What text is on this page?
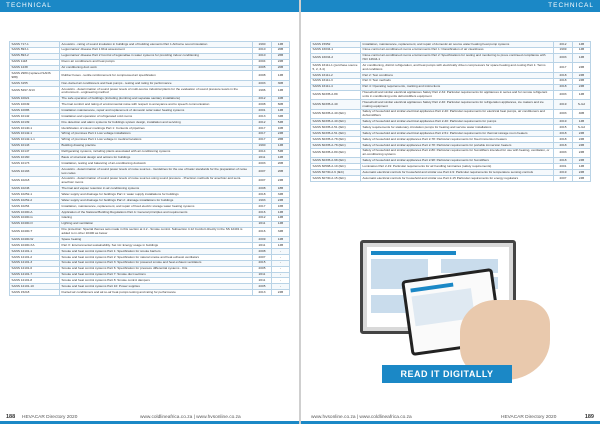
TECHNICAL
SANS 717-1	Acoustics - rating of sound insulation in buildings and of building elements Part 1 Airborne sound insulation	1990	14B
SANS 893-1	Legionnaires' disease Part 1 Risk assessment	2010	20B
SANS 893-2	Legionnaires' disease Part 2 Control of legionellae in water systems for providing indoor conditioning	2010	26B
SANS 1118	Room air conditioners and heat pumps	2004	22B
SANS 1238	Air conditioning duct work	2005	20B
SANS 2980 (replaced SANS 988)	Rubber hoses - textile reinforcement for compressed air specification	2008	14B
SANS 3155	Non-ducted air conditioners and heat pumps - testing and rating for performance	2003	30B
SANS 5297-3/13	Acoustics - determination of sound power levels of multi-source industrial plants for the evaluation of sound pressure levels in the environment - engineering method	1996	14B
SANS 10021	The safe operation of buildings (including plumbing and separate sanitary installations)	2012	10B
SANS 10049	Thermal comfort and rating of environmental noise with respect to annoyance and to speech communication	2008	60B
SANS 10086	Installation maintenance, repair and replacement of domestic solar water heating systems	2001	14B
SANS 10142	Installation and operation of refrigerated cold rooms	2013	34B
SANS 10139	Fire detection and alarm systems for buildings system design, installation and servicing	2012	54B
SANS 10140-1	Identification of colour markings Part 1: Contents of pipelines	2017	10B
SANS 10142-1	Wiring of premises Part 1 Low voltage installations	2017	24B
SANS 10142-1-1	Wiring of premises Part 1 Low voltage in medical locations	2017	26B
SANS 10143	Building drawing practice	1990	14B
SANS 10147	Refrigerating systems, including plants associated with air conditioning systems	2014	54B
SANS 10160	Basis of structural design and actions for buildings	2011	12B
SANS 10173	Installation, testing and balancing of air-conditioning ductwork	2003	20B
SANS 10193	Acoustics - determination of sound power levels of noise sources - Guidelines for the use of basic standards for the preparation of noise test codes	2007	20B
SANS 10218	Acoustics - determination of sound power levels of noise sources using sound pressure - Precision methods for anechoic and semi-anechoic rooms	2007	24B
SANS 10246	Thermal and vapour retention in air conditioning systems	2008	18B
SANS 10252-1	Water supply and drainage for buildings Part 1: water supply installations for buildings	2018	34B
SANS 10252-2	Water supply and drainage for buildings Part 2: drainage installations for buildings	1993	24B
SANS 10254	Installation, maintenance, replacement, and repair of fixed electric storage water heating systems	2017	16B
SANS 10400-A	Application of the National Building Regulations Part A: General principles and requirements	2016	14B
SANS 10400-G	Glazing	2012	14B
SANS 10400-O	Lighting and ventilation	2011	14B
SANS 10400-T	Fire protection: Special themes sets made in this section at 4.2 - Smoke control. Subsection 4.12 Comfort directly in the SS 12401 is added to in other 10400 as below	2016	34B
SANS 10400-W	Space heating	2009	12B
SANS 10400-XA	Part X: Environmental sustainability. Set 1A: Energy usage in buildings	2011	14B
SANS 12101-1	Smoke and heat control systems Part 1: Specification for smoke barriers	2008	-
SANS 12101-2	Smoke and heat control systems Part 2: Specification for natural smoke and heat exhaust ventilators	2007	-
SANS 12101-3	Smoke and heat control systems Part 3: Specification for powered smoke and heat exhaust ventilators	2015	-
SANS 12101-6	Smoke and heat control systems Part 6: Specification for pressure differential systems - Kits	2005	-
SANS 12101-7	Smoke and heat control systems Part 7: Smoke duct sections	2011	-
SANS 12101-8	Smoke and heat control systems Part 8: Smoke control dampers	2011	-
SANS 12101-10	Smoke and heat control systems Part 10: Power supplies	2005	-
SANS 15218	Ducted air conditioners and air-to-air heat pumps testing and rating for performance	2013	24B
188 HEVACAR Directory 2020	www.coldlineafrica.co.za | www.hvsonline.co.za
TECHNICAL
SANS 15952	Installation, maintenance, replacement, and repair of domestic air source water heating heat pump systems	2012	14B
SANS 16034-1	Close control air-conditioned rooms environments Part 1: Classification of air cleanliness	1999	14B
SANS 16034-2	Close control air-conditioned rooms environments Part 2: Specifications for testing and monitoring to prove continued compliance with ISO 14644-1	2003	14B
SANS 16111-1 (purchase source 5, 2, 3-4)	Air conditioning, district refrigeration, and heat pumps with electrically driven compressors for space heating and cooling Part 1: Terms and conditions	2017	24B
SANS 16111-2	Part 2: Test conditions	2018	24B
SANS 16111-3	Part 3: Test methods	2018	24B
SANS 16111-4	Part 4: Operating requirements, marking and instructions	2018	24B
SANS 60335-2-89	Household and similar electrical appliances Safety Part 2-34: Particular requirements for appliances in series and for remote refrigerant units in conditioning units dehumidifiers equipment	2003	14B
SANS 60335-2-40	Household and similar electrical appliances Safety Part 2-40: Particular requirements for refrigeration appliances, ice makers and ice making equipment	2019	S-G2
SANS 60335-2-40 (IEC)	Safety of household and similar electrical appliances Part 2-40: Particular requirements for electrical heat pumps, air conditioners and dehumidifiers	2003	40B
SANS 60335-2-40 (IEC)	Safety of household and similar electrical appliances Part 2-40: Particular requirements for pumps	2019	14B
SANS 60335-2-51 (IEC)	Safety requirements for stationary circulation pumps for heating and service water installations	2015	S-G2
SANS 60335-2-51 (IEC)	Safety of household and similar electrical appliances Part 2-51: Particular requirements for thermal storage room heaters	2018	24B
SANS 60335-2-78 (IEC)	Safety of household and similar appliances Part 2-78: Particular requirements for fixed immersion heaters	2018	24B
SANS 60335-2-78 (IEC)	Safety of household and similar appliances Part 2-78: Particular requirements for portable immersion heaters	2018	24B
SANS 60335-2-80 (IEC)	Safety of household and similar appliances Part 2-80: Particular requirements for humidifiers intended for use with heating, ventilation, or air-conditioning systems	2003	24B
SANS 60335-2-98 (IEC)	Safety of household and similar appliances Part 2-98: Particular requirements for humidifiers	2018	24B
SANS 60598-2-19 (IEC)	Luminaires Part 2-19: Particular requirements for air handling luminaires (safety requirements)	2001	14B
SANS 60730-2-9 (IEC)	Automatic electrical controls for household and similar use Part 2-9: Particular requirements for temperature sensing controls	2019	24B
SANS 60730-2-15 (IEC)	Automatic electrical controls for household and similar use Part 2-15 Particular requirements for energy regulators	2007	24B
READ IT DIGITALLY
www.hvsonline.co.za | www.coldlineafrica.co.za	HEVACAR Directory 2020	189
